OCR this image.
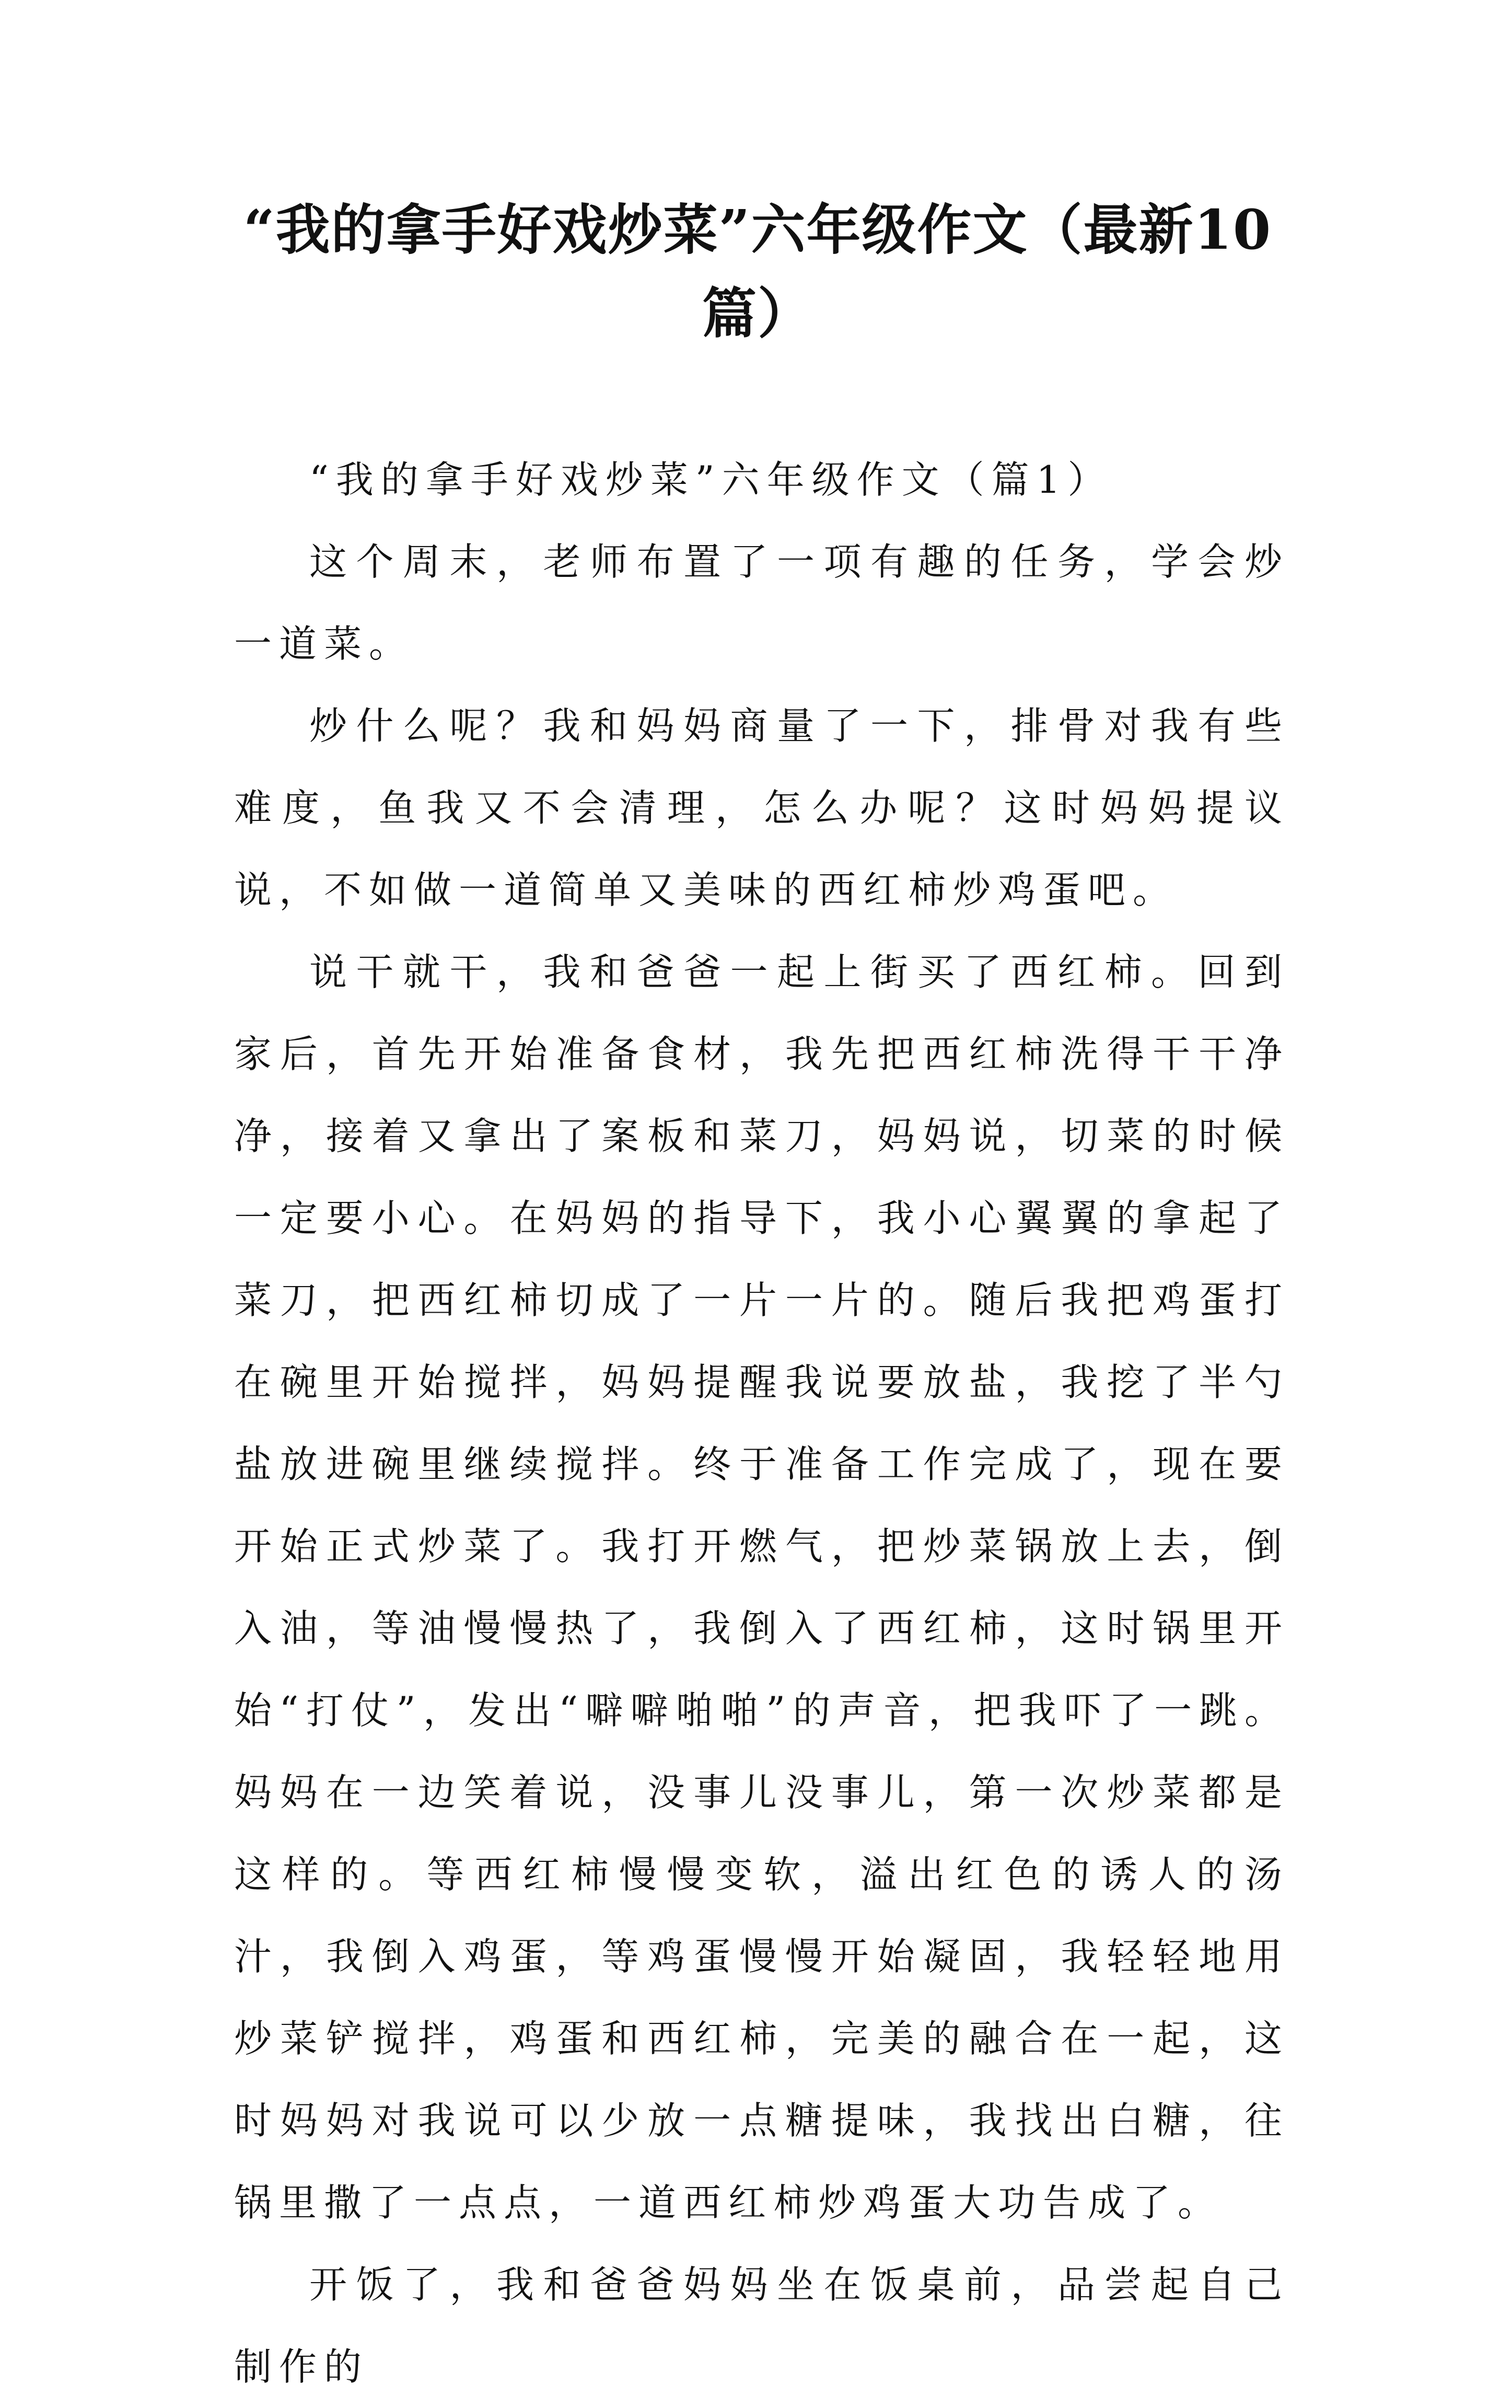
“我的拿手好戏炒菜”六年级作文（最新10篇）

“我的拿手好戏炒菜”六年级作文（篇1）

这个周末，老师布置了一项有趣的任务，学会炒一道菜。

炒什么呢？我和妈妈商量了一下，排骨对我有些难度，鱼我又不会清理，怎么办呢？这时妈妈提议说，不如做一道简单又美味的西红柿炒鸡蛋吧。

说干就干，我和爸爸一起上街买了西红柿。回到家后，首先开始准备食材，我先把西红柿洗得干干净净，接着又拿出了案板和菜刀，妈妈说，切菜的时候一定要小心。在妈妈的指导下，我小心翼翼的拿起了菜刀，把西红柿切成了一片一片的。随后我把鸡蛋打在碗里开始搅拌，妈妈提醒我说要放盐，我挖了半勺盐放进碗里继续搅拌。终于准备工作完成了，现在要开始正式炒菜了。我打开燃气，把炒菜锅放上去，倒入油，等油慢慢热了，我倒入了西红柿，这时锅里开始“打仗”，发出“噼噼啪啪”的声音，把我吓了一跳。妈妈在一边笑着说，没事儿没事儿，第一次炒菜都是这样的。等西红柿慢慢变软，溢出红色的诱人的汤汁，我倒入鸡蛋，等鸡蛋慢慢开始凝固，我轻轻地用炒菜铲搅拌，鸡蛋和西红柿，完美的融合在一起，这时妈妈对我说可以少放一点糖提味，我找出白糖，往锅里撒了一点点，一道西红柿炒鸡蛋大功告成了。

开饭了，我和爸爸妈妈坐在饭桌前，品尝起自己制作的
